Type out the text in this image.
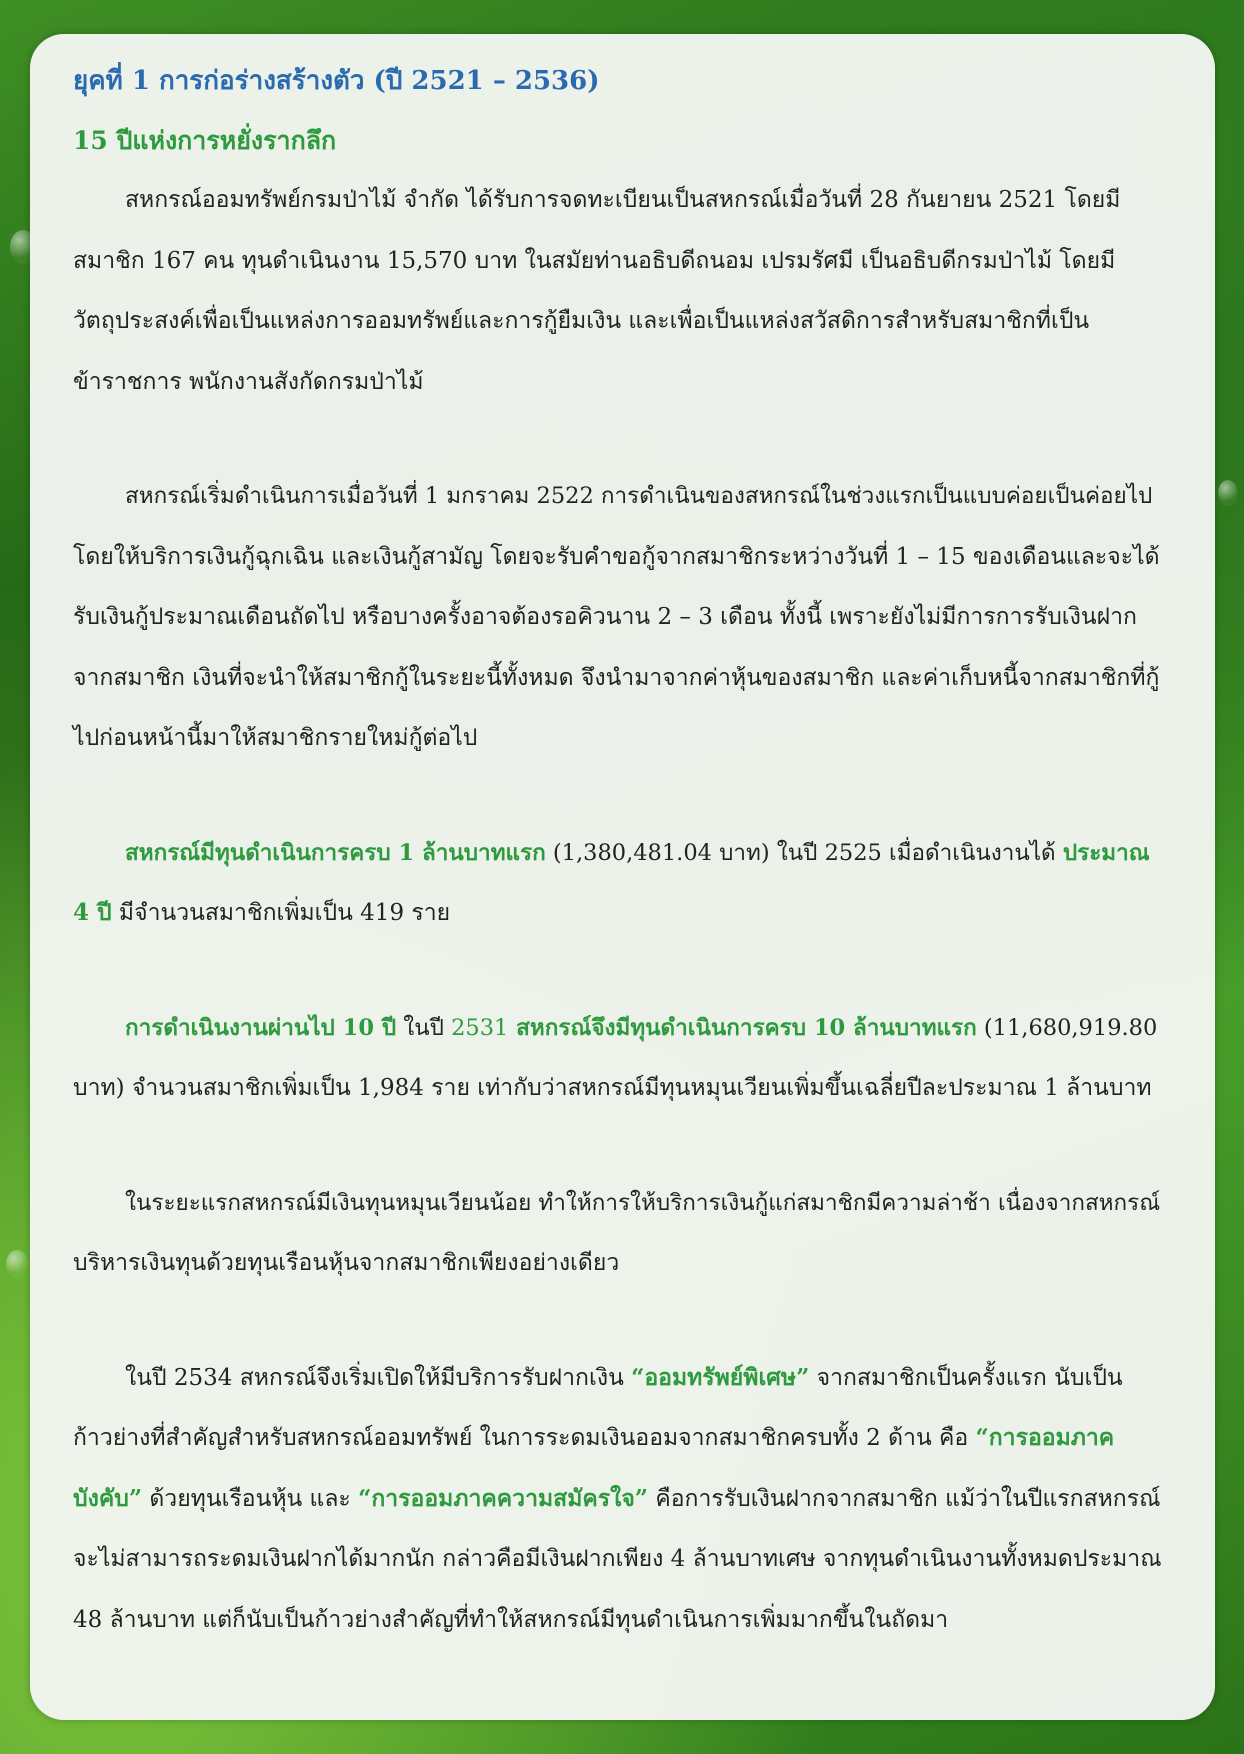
ยุคที่ 1 การก่อร่างสร้างตัว (ปี 2521 – 2536)

15 ปีแห่งการหยั่งรากลึก

สหกรณ์ออมทรัพย์กรมป่าไม้ จำกัด ได้รับการจดทะเบียนเป็นสหกรณ์เมื่อวันที่ 28 กันยายน 2521 โดยมี
สมาชิก 167 คน ทุนดำเนินงาน 15,570 บาท ในสมัยท่านอธิบดีถนอม เปรมรัศมี เป็นอธิบดีกรมป่าไม้ โดยมี
วัตถุประสงค์เพื่อเป็นแหล่งการออมทรัพย์และการกู้ยืมเงิน และเพื่อเป็นแหล่งสวัสดิการสำหรับสมาชิกที่เป็น
ข้าราชการ พนักงานสังกัดกรมป่าไม้

สหกรณ์เริ่มดำเนินการเมื่อวันที่ 1 มกราคม 2522 การดำเนินของสหกรณ์ในช่วงแรกเป็นแบบค่อยเป็นค่อยไป
โดยให้บริการเงินกู้ฉุกเฉิน และเงินกู้สามัญ โดยจะรับคำขอกู้จากสมาชิกระหว่างวันที่ 1 – 15 ของเดือนและจะได้
รับเงินกู้ประมาณเดือนถัดไป หรือบางครั้งอาจต้องรอคิวนาน 2 – 3 เดือน ทั้งนี้ เพราะยังไม่มีการการรับเงินฝาก
จากสมาชิก เงินที่จะนำให้สมาชิกกู้ในระยะนี้ทั้งหมด จึงนำมาจากค่าหุ้นของสมาชิก และค่าเก็บหนี้จากสมาชิกที่กู้
ไปก่อนหน้านี้มาให้สมาชิกรายใหม่กู้ต่อไป

สหกรณ์มีทุนดำเนินการครบ 1 ล้านบาทแรก (1,380,481.04 บาท) ในปี 2525 เมื่อดำเนินงานได้ ประมาณ
4 ปี มีจำนวนสมาชิกเพิ่มเป็น 419 ราย

การดำเนินงานผ่านไป 10 ปี ในปี 2531 สหกรณ์จึงมีทุนดำเนินการครบ 10 ล้านบาทแรก (11,680,919.80
บาท) จำนวนสมาชิกเพิ่มเป็น 1,984 ราย เท่ากับว่าสหกรณ์มีทุนหมุนเวียนเพิ่มขึ้นเฉลี่ยปีละประมาณ 1 ล้านบาท

ในระยะแรกสหกรณ์มีเงินทุนหมุนเวียนน้อย ทำให้การให้บริการเงินกู้แก่สมาชิกมีความล่าช้า เนื่องจากสหกรณ์
บริหารเงินทุนด้วยทุนเรือนหุ้นจากสมาชิกเพียงอย่างเดียว

ในปี 2534 สหกรณ์จึงเริ่มเปิดให้มีบริการรับฝากเงิน “ออมทรัพย์พิเศษ” จากสมาชิกเป็นครั้งแรก นับเป็น
ก้าวย่างที่สำคัญสำหรับสหกรณ์ออมทรัพย์ ในการระดมเงินออมจากสมาชิกครบทั้ง 2 ด้าน คือ “การออมภาค
บังคับ” ด้วยทุนเรือนหุ้น และ “การออมภาคความสมัครใจ” คือการรับเงินฝากจากสมาชิก แม้ว่าในปีแรกสหกรณ์
จะไม่สามารถระดมเงินฝากได้มากนัก กล่าวคือมีเงินฝากเพียง 4 ล้านบาทเศษ จากทุนดำเนินงานทั้งหมดประมาณ
48 ล้านบาท แต่ก็นับเป็นก้าวย่างสำคัญที่ทำให้สหกรณ์มีทุนดำเนินการเพิ่มมากขึ้นในถัดมา
